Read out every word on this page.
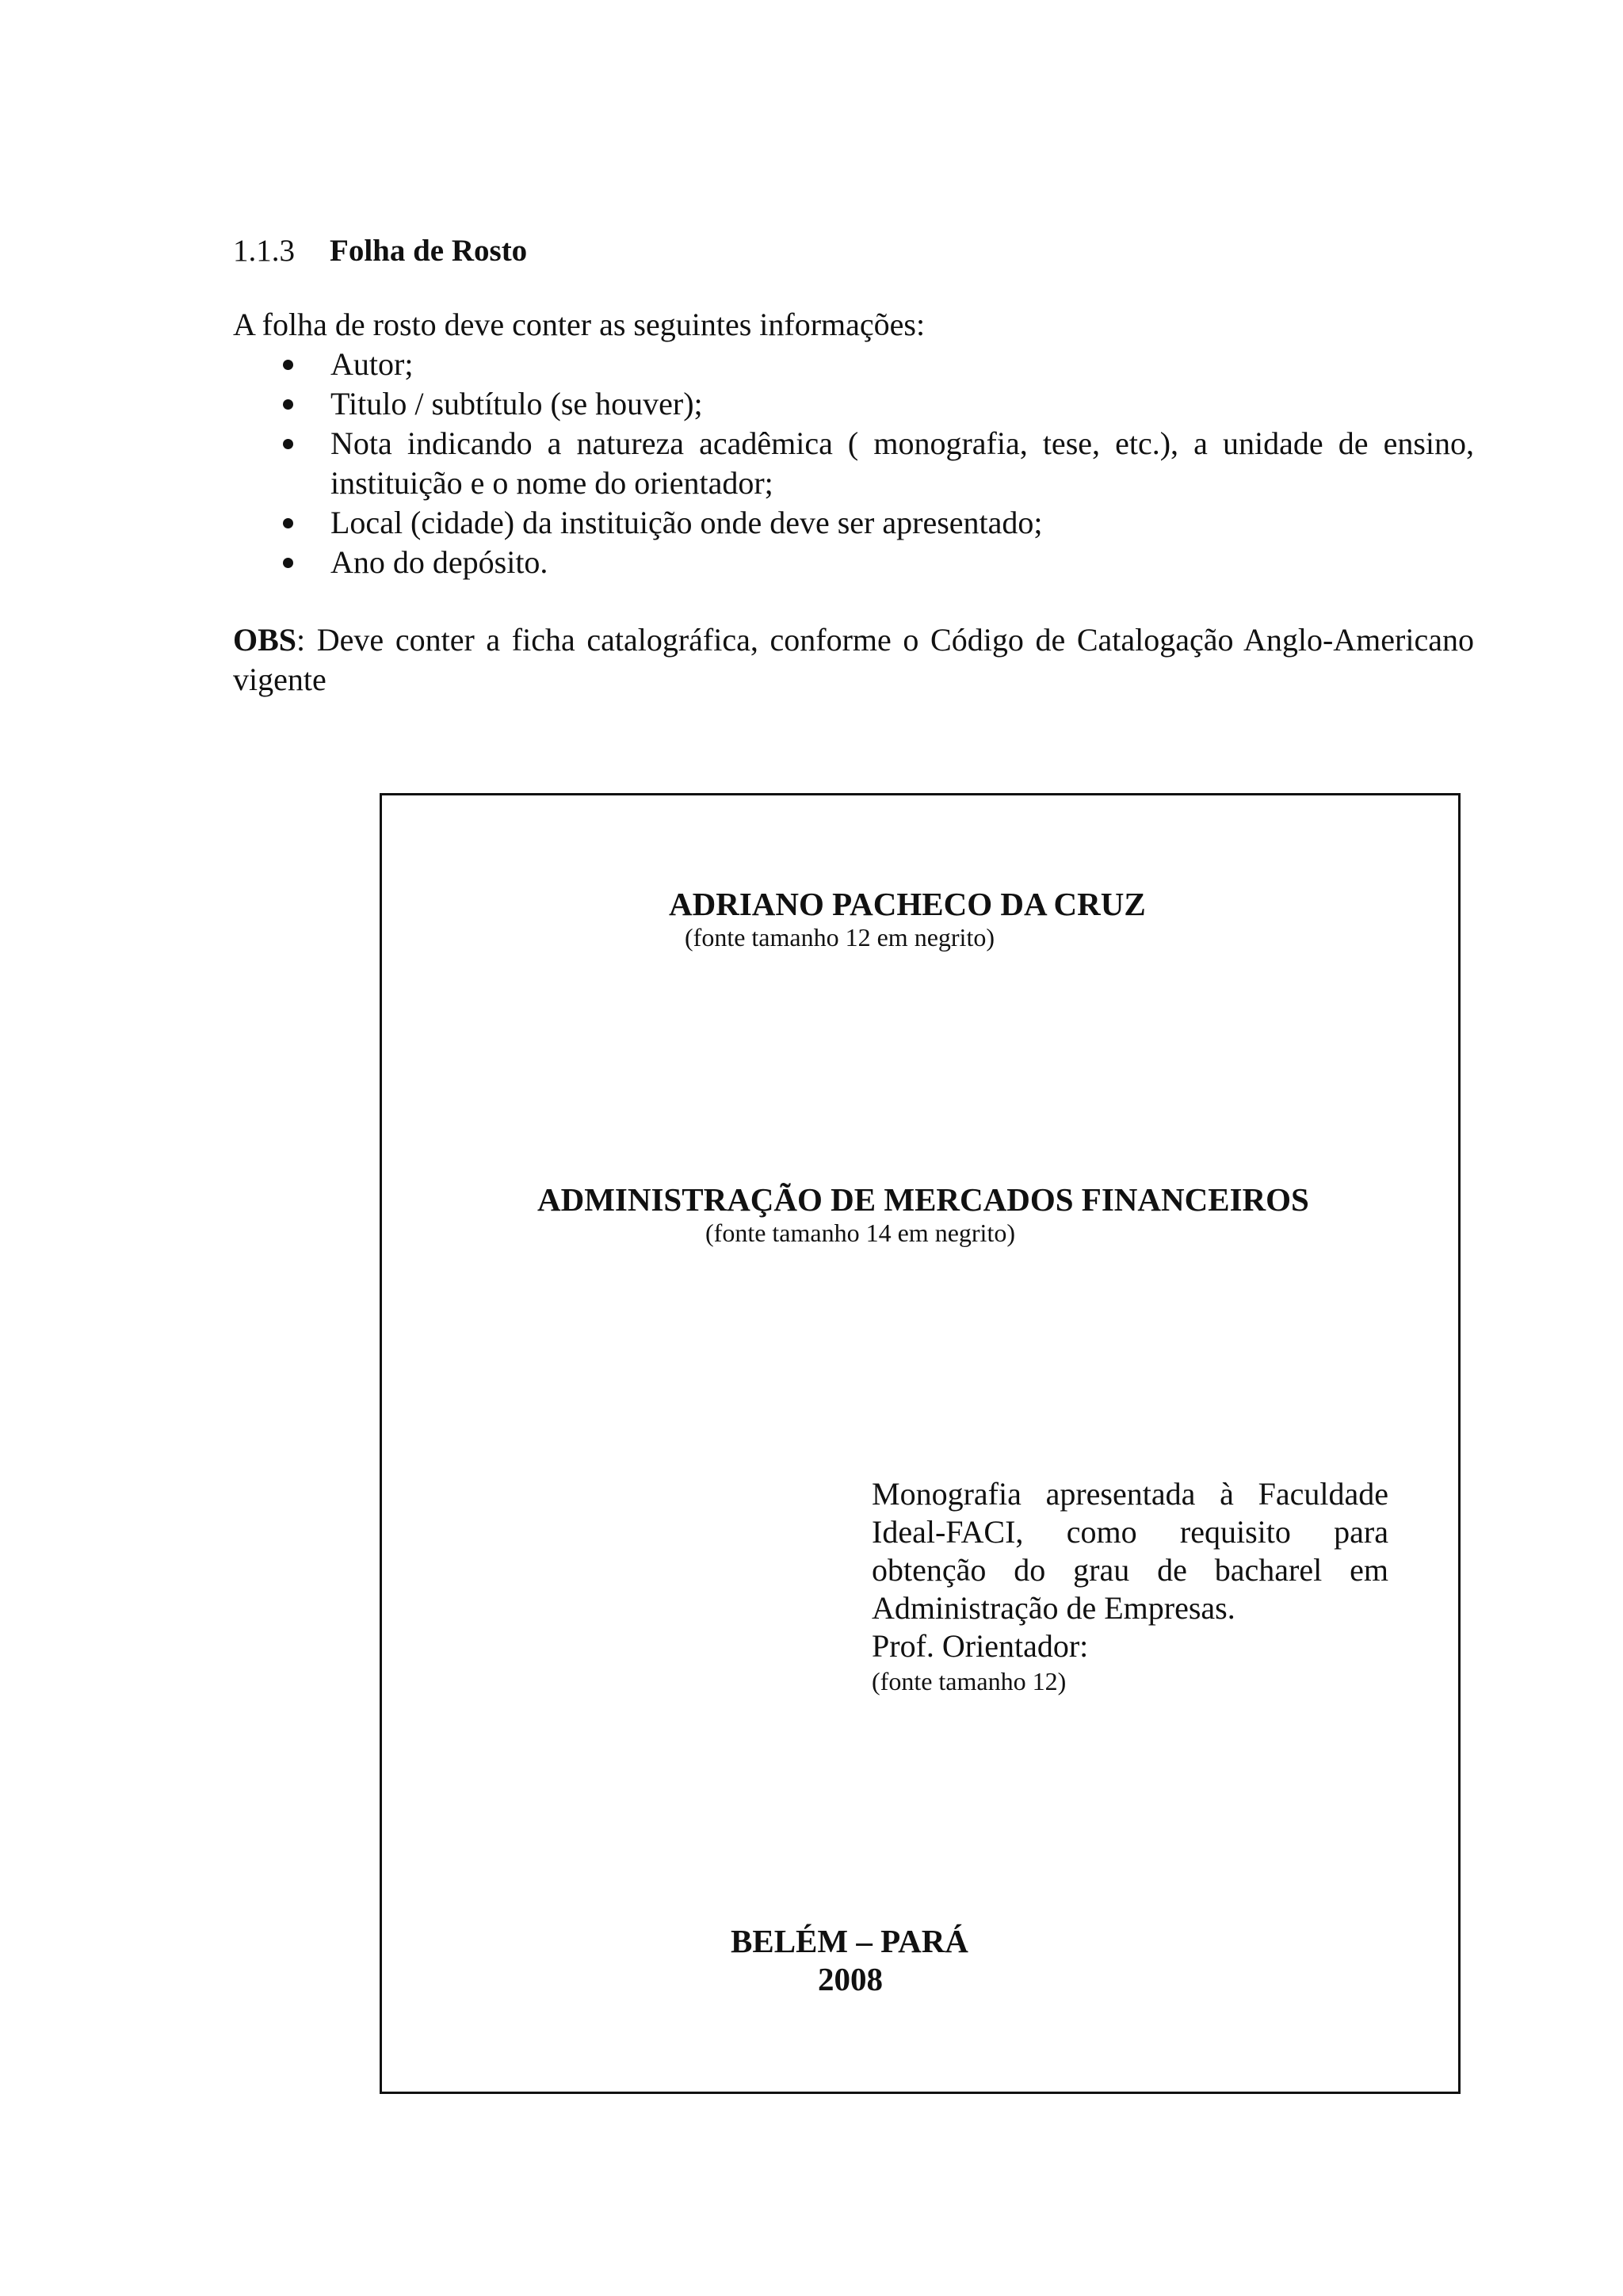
1.1.3 Folha de Rosto
A folha de rosto deve conter as seguintes informações:
Autor;
Titulo / subtítulo (se houver);
Nota indicando a natureza acadêmica ( monografia, tese, etc.), a unidade de ensino, instituição e o nome do orientador;
Local (cidade) da instituição onde deve ser apresentado;
Ano do depósito.
OBS: Deve conter a ficha catalográfica, conforme o Código de Catalogação Anglo-Americano vigente
ADRIANO PACHECO DA CRUZ
(fonte tamanho 12 em negrito)
ADMINISTRAÇÃO DE MERCADOS FINANCEIROS
(fonte tamanho 14 em negrito)
Monografia apresentada à Faculdade Ideal-FACI, como requisito para obtenção do grau de bacharel em Administração de Empresas.
Prof. Orientador:
(fonte tamanho 12)
BELÉM – PARÁ
2008
